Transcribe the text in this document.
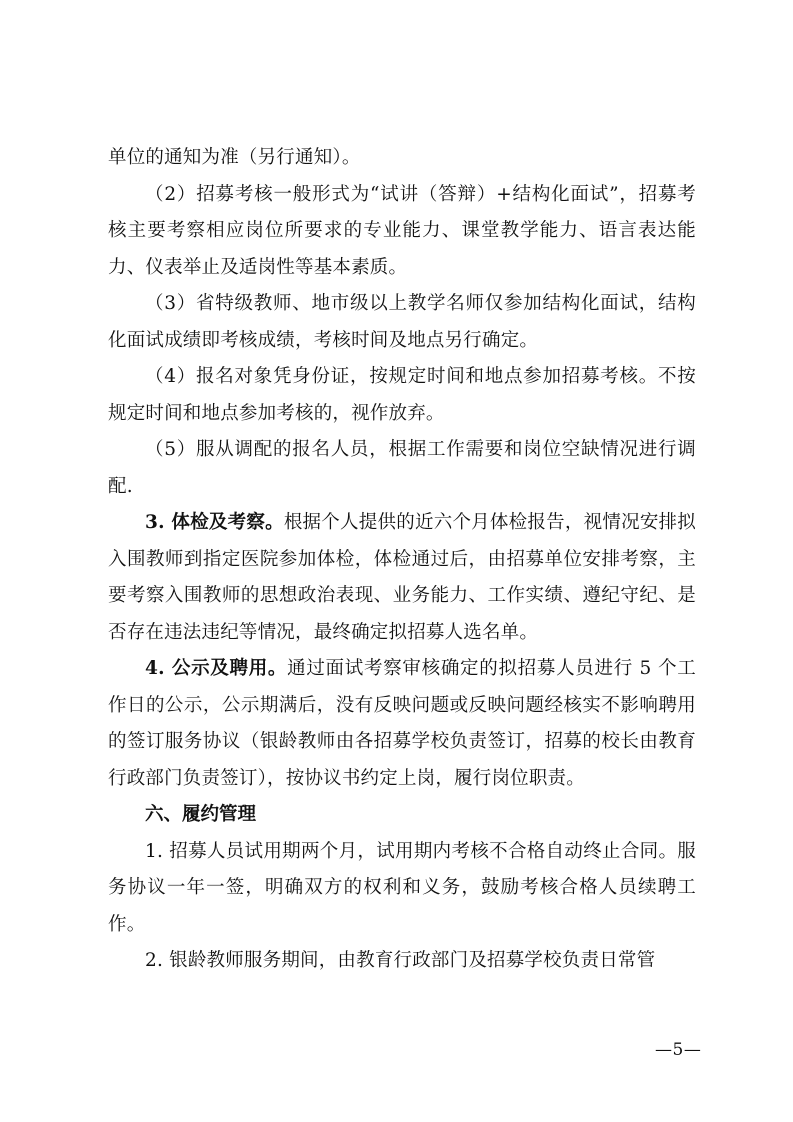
单位的通知为准（另行通知）。

（2）招募考核一般形式为“试讲（答辩）+结构化面试”，招募考核主要考察相应岗位所要求的专业能力、课堂教学能力、语言表达能力、仪表举止及适岗性等基本素质。

（3）省特级教师、地市级以上教学名师仅参加结构化面试，结构化面试成绩即考核成绩，考核时间及地点另行确定。

（4）报名对象凭身份证，按规定时间和地点参加招募考核。不按规定时间和地点参加考核的，视作放弃。

（5）服从调配的报名人员，根据工作需要和岗位空缺情况进行调配.

3. 体检及考察。根据个人提供的近六个月体检报告，视情况安排拟入围教师到指定医院参加体检，体检通过后，由招募单位安排考察，主要考察入围教师的思想政治表现、业务能力、工作实绩、遵纪守纪、是否存在违法违纪等情况，最终确定拟招募人选名单。

4. 公示及聘用。通过面试考察审核确定的拟招募人员进行 5 个工作日的公示，公示期满后，没有反映问题或反映问题经核实不影响聘用的签订服务协议（银龄教师由各招募学校负责签订，招募的校长由教育行政部门负责签订），按协议书约定上岗，履行岗位职责。

六、履约管理

1. 招募人员试用期两个月，试用期内考核不合格自动终止合同。服务协议一年一签，明确双方的权利和义务，鼓励考核合格人员续聘工作。

2. 银龄教师服务期间，由教育行政部门及招募学校负责日常管

—5—
